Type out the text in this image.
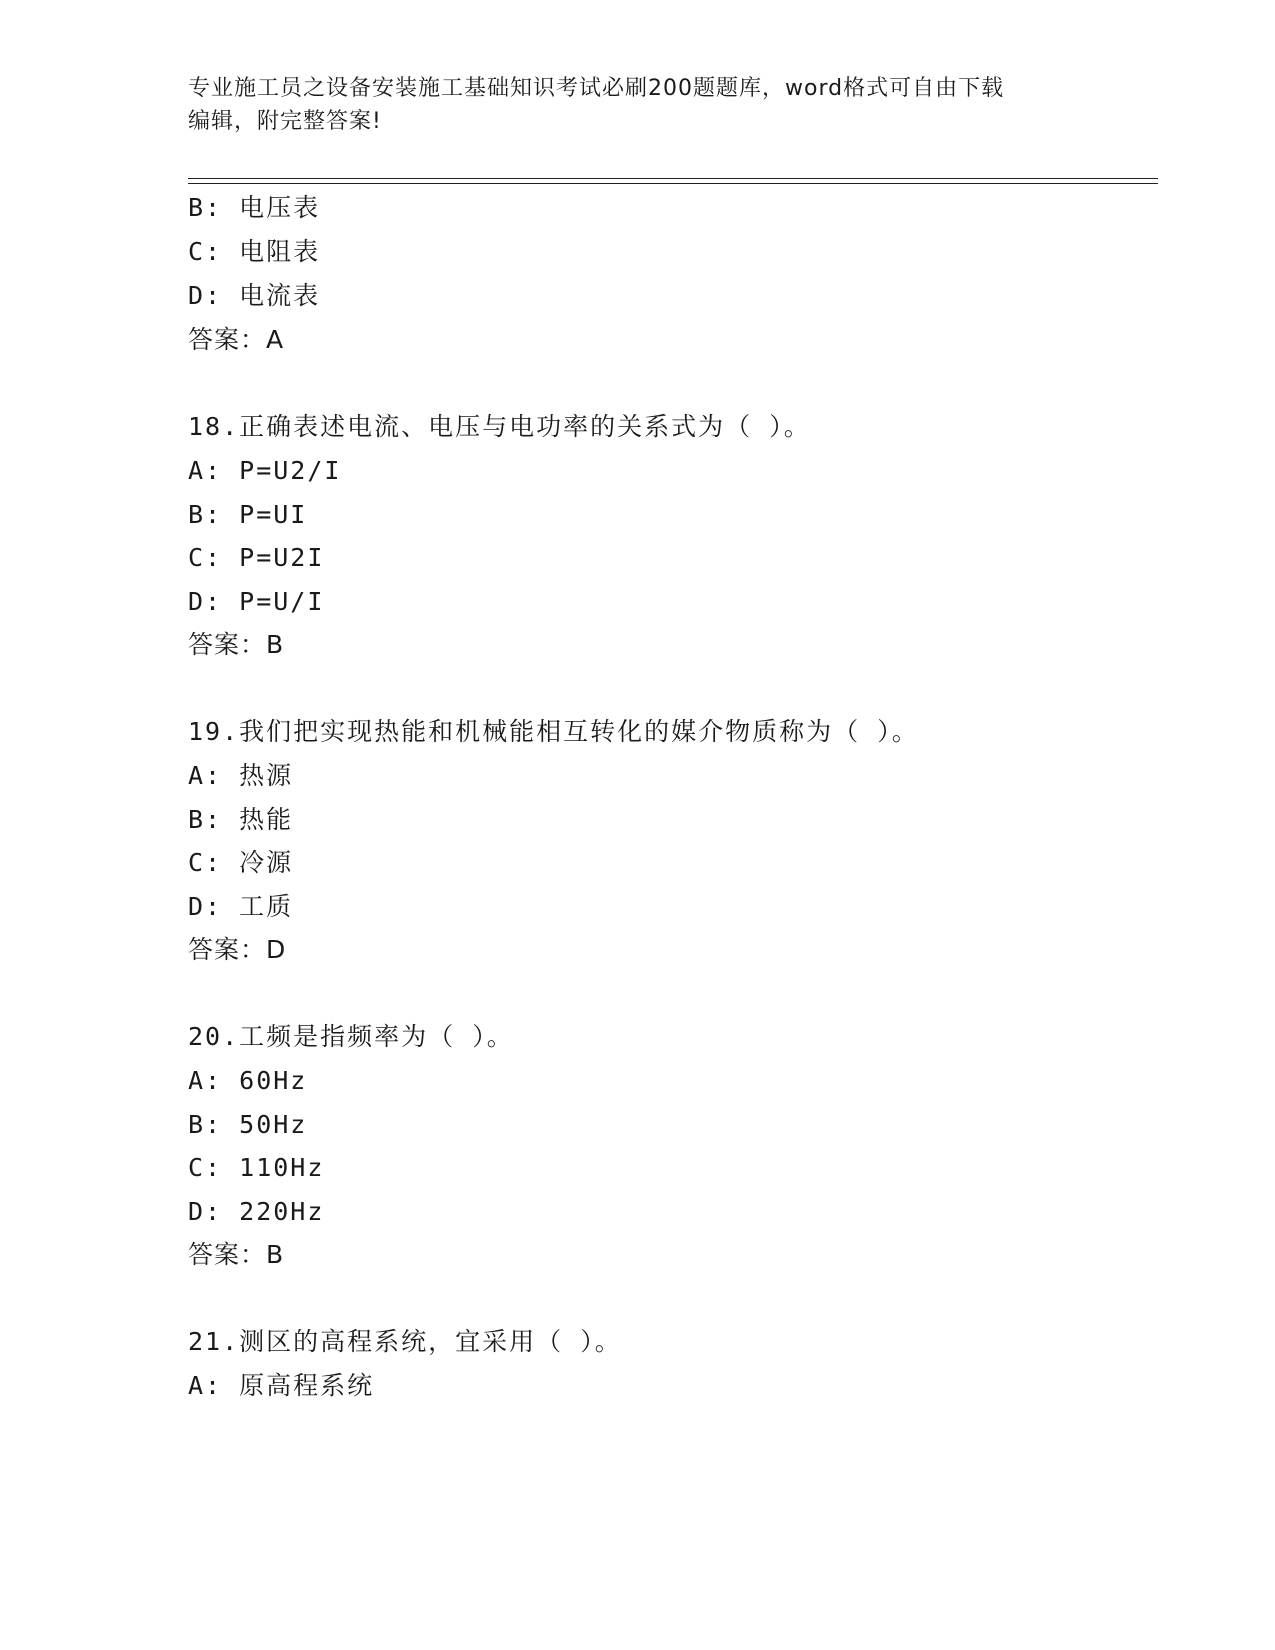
专业施工员之设备安装施工基础知识考试必刷200题题库，word格式可自由下载
编辑，附完整答案!
B: 电压表
C: 电阻表
D: 电流表
答案：A
18.正确表述电流、电压与电功率的关系式为（ ）。
A: P=U2/I
B: P=UI
C: P=U2I
D: P=U/I
答案：B
19.我们把实现热能和机械能相互转化的媒介物质称为（ ）。
A: 热源
B: 热能
C: 冷源
D: 工质
答案：D
20.工频是指频率为（ ）。
A: 60Hz
B: 50Hz
C: 110Hz
D: 220Hz
答案：B
21.测区的高程系统，宜采用（ ）。
A: 原高程系统
